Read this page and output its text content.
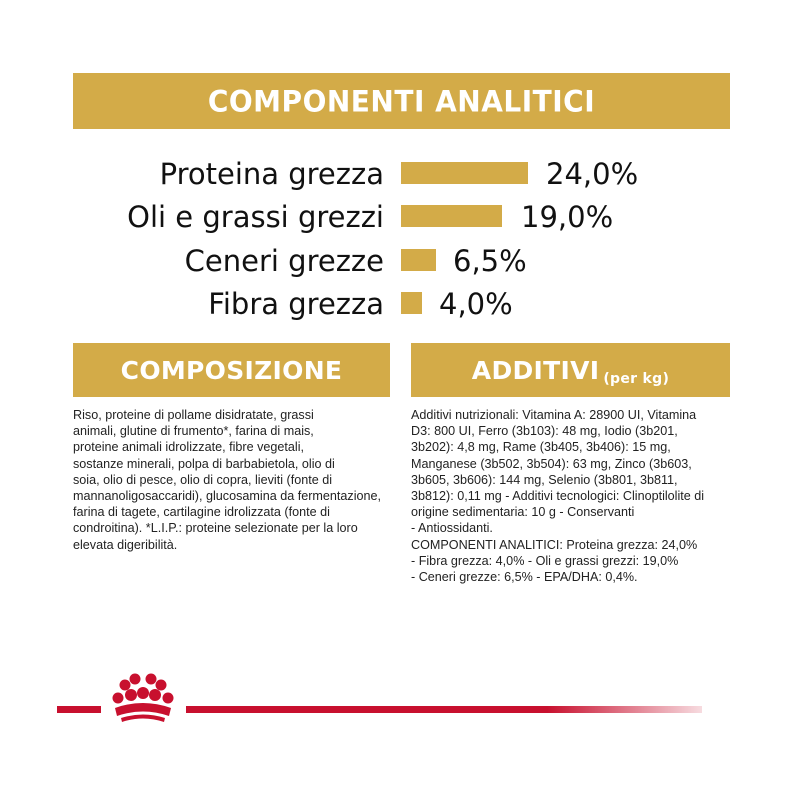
COMPONENTI ANALITICI
Proteina grezza	24,0%
Oli e grassi grezzi	19,0%
Ceneri grezze 6,5%
Fibra grezza 4,0%
COMPOSIZIONE

Riso, proteine di pollame disidratate, grassi

animali, glutine di frumento*, farina di mais,

proteine animali idrolizzate, fibre vegetali,

sostanze minerali, polpa di barbabietola, olio di

soia, olio di pesce, olio di copra, lieviti (fonte di

mannanoligosaccaridi), glucosamina da fermentazione,

farina di tagete, cartilagine idrolizzata (fonte di

condroitina). *L.I.P.: proteine selezionate per la loro

elevata digeribilità.

ADDITIVI (per kg)

Additivi nutrizionali: Vitamina A: 28900 UI, Vitamina

D3: 800 UI, Ferro (3b103): 48 mg, Iodio (3b201,

3b202): 4,8 mg, Rame (3b405, 3b406): 15 mg,

Manganese (3b502, 3b504): 63 mg, Zinco (3b603,

3b605, 3b606): 144 mg, Selenio (3b801, 3b811,

3b812): 0,11 mg - Additivi tecnologici: Clinoptilolite di

origine sedimentaria: 10 g - Conservanti

- Antiossidanti.

COMPONENTI ANALITICI: Proteina grezza: 24,0%

- Fibra grezza: 4,0% - Oli e grassi grezzi: 19,0%

- Ceneri grezze: 6,5% - EPA/DHA: 0,4%.
